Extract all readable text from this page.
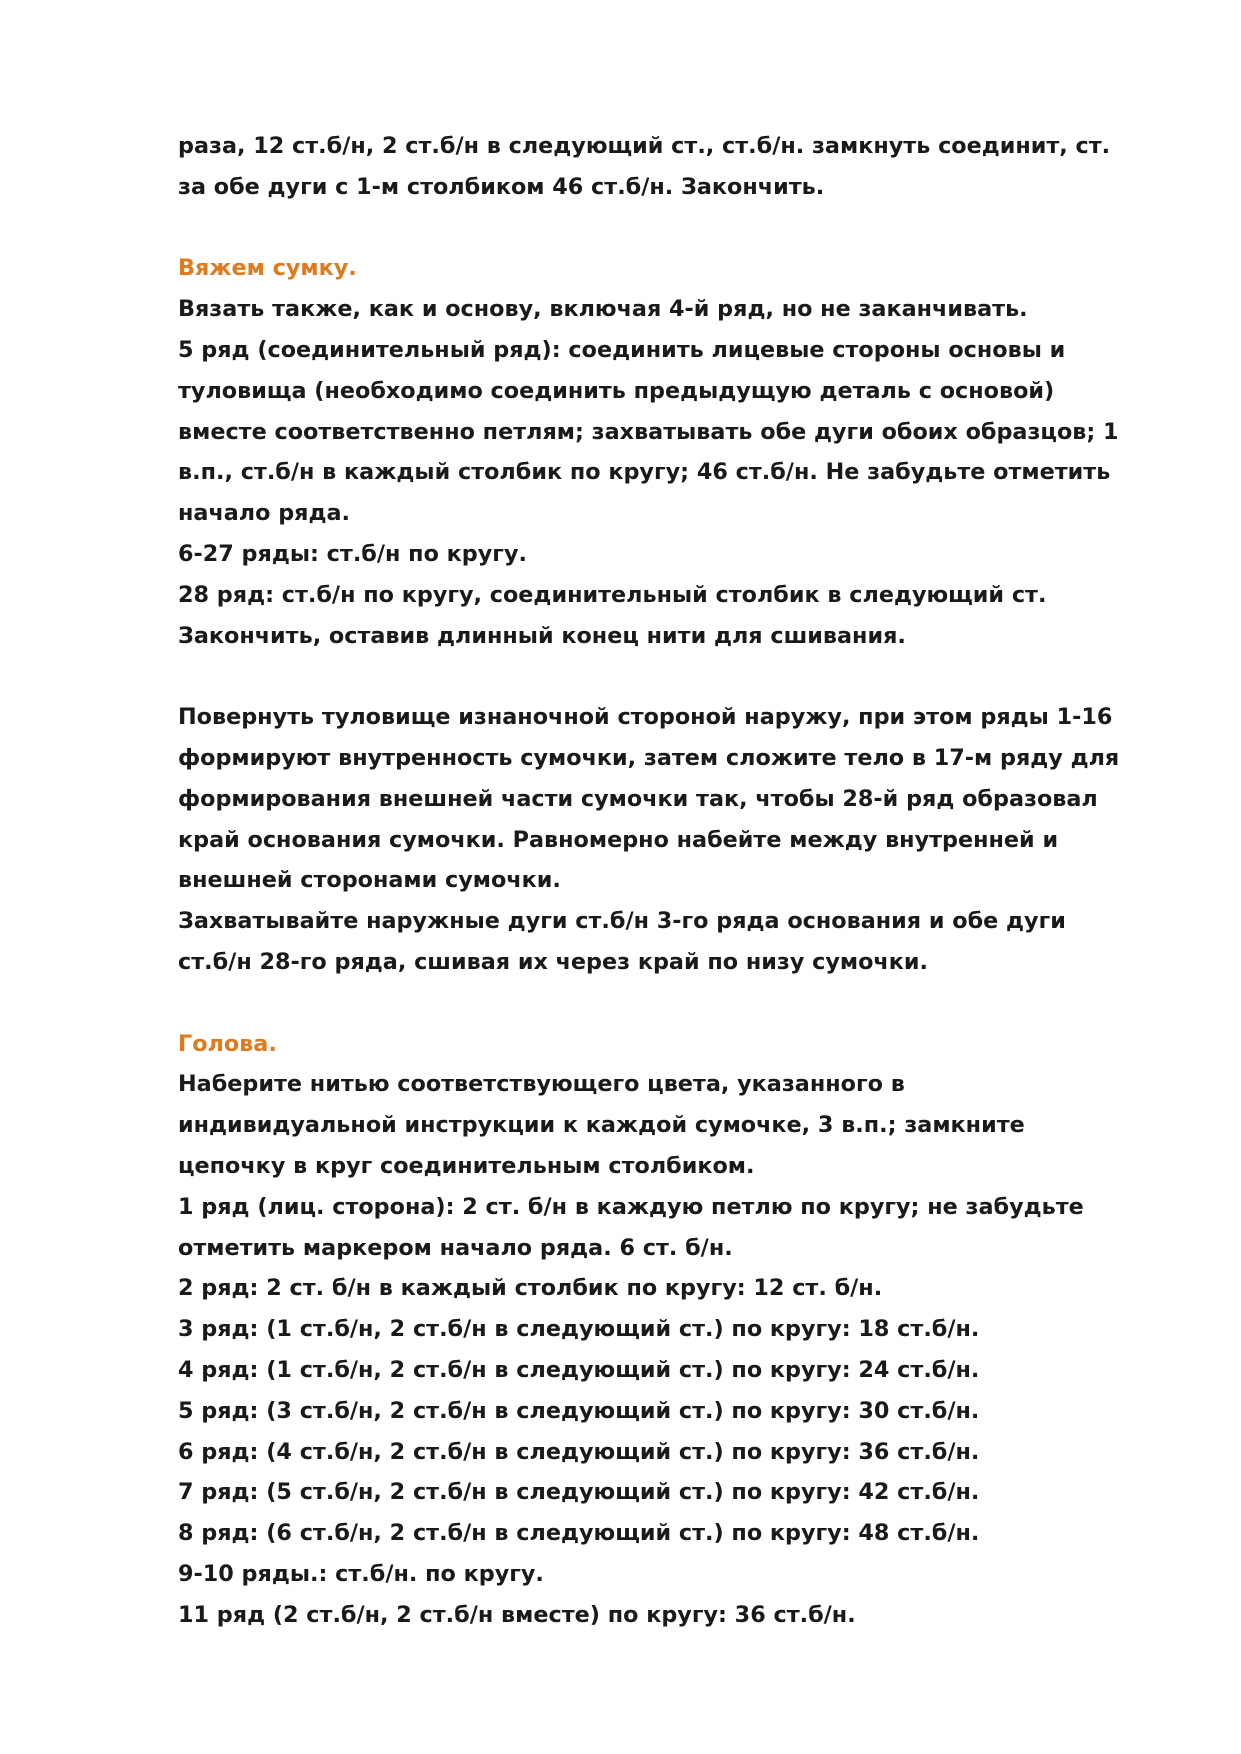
раза, 12 ст.б/н, 2 ст.б/н в следующий ст., ст.б/н. замкнуть соединит, ст.
за обе дуги с 1-м столбиком 46 ст.б/н. Закончить.
Вяжем сумку.
Вязать также, как и основу, включая 4-й ряд, но не заканчивать.
5 ряд (соединительный ряд): соединить лицевые стороны основы и
туловища (необходимо соединить предыдущую деталь с основой)
вместе соответственно петлям; захватывать обе дуги обоих образцов; 1
в.п., ст.б/н в каждый столбик по кругу; 46 ст.б/н. Не забудьте отметить
начало ряда.
6-27 ряды: ст.б/н по кругу.
28 ряд: ст.б/н по кругу, соединительный столбик в следующий ст.
Закончить, оставив длинный конец нити для сшивания.
Повернуть туловище изнаночной стороной наружу, при этом ряды 1-16
формируют внутренность сумочки, затем сложите тело в 17-м ряду для
формирования внешней части сумочки так, чтобы 28-й ряд образовал
край основания сумочки. Равномерно набейте между внутренней и
внешней сторонами сумочки.
Захватывайте наружные дуги ст.б/н 3-го ряда основания и обе дуги
ст.б/н 28-го ряда, сшивая их через край по низу сумочки.
Голова.
Наберите нитью соответствующего цвета, указанного в
индивидуальной инструкции к каждой сумочке, 3 в.п.; замкните
цепочку в круг соединительным столбиком.
1 ряд (лиц. сторона): 2 ст. б/н в каждую петлю по кругу; не забудьте
отметить маркером начало ряда. 6 ст. б/н.
2 ряд: 2 ст. б/н в каждый столбик по кругу: 12 ст. б/н.
3 ряд: (1 ст.б/н, 2 ст.б/н в следующий ст.) по кругу: 18 ст.б/н.
4 ряд: (1 ст.б/н, 2 ст.б/н в следующий ст.) по кругу: 24 ст.б/н.
5 ряд: (3 ст.б/н, 2 ст.б/н в следующий ст.) по кругу: 30 ст.б/н.
6 ряд: (4 ст.б/н, 2 ст.б/н в следующий ст.) по кругу: 36 ст.б/н.
7 ряд: (5 ст.б/н, 2 ст.б/н в следующий ст.) по кругу: 42 ст.б/н.
8 ряд: (6 ст.б/н, 2 ст.б/н в следующий ст.) по кругу: 48 ст.б/н.
9-10 ряды.: ст.б/н. по кругу.
11 ряд (2 ст.б/н, 2 ст.б/н вместе) по кругу: 36 ст.б/н.
